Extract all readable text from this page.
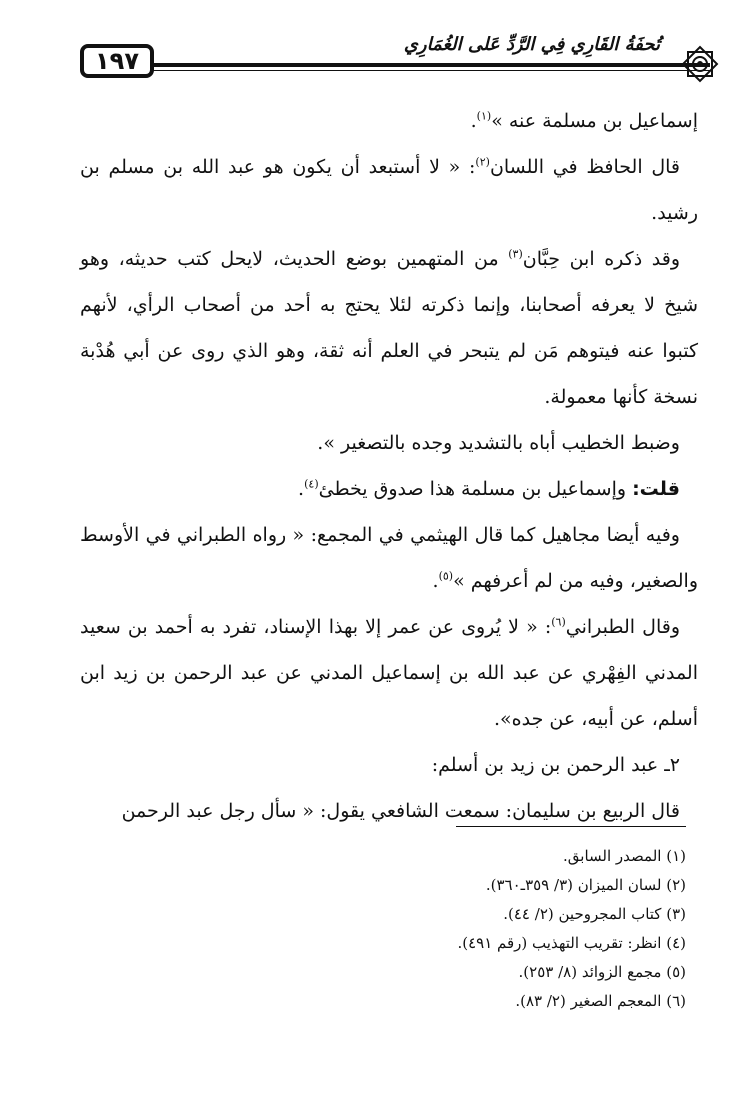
١٩٧
تُحفَةُ القَارِي فِي الرَّدِّ عَلى الغُمَارِي

إسماعيل بن مسلمة عنه »$^{(١)}$.

قال الحافظ في اللسان$^{(٢)}$: « لا أستبعد أن يكون هو عبد الله بن مسلم بن رشيد.

وقد ذكره ابن حِبَّان$^{(٣)}$ من المتهمين بوضع الحديث، لايحل كتب حديثه، وهو شيخ لا يعرفه أصحابنا، وإنما ذكرته لئلا يحتج به أحد من أصحاب الرأي، لأنهم كتبوا عنه فيتوهم مَن لم يتبحر في العلم أنه ثقة، وهو الذي روى عن أبي هُدْبة نسخة كأنها معمولة.

وضبط الخطيب أباه بالتشديد وجده بالتصغير ».

قلت: وإسماعيل بن مسلمة هذا صدوق يخطئ$^{(٤)}$.

وفيه أيضا مجاهيل كما قال الهيثمي في المجمع: « رواه الطبراني في الأوسط والصغير، وفيه من لم أعرفهم »$^{(٥)}$.

وقال الطبراني$^{(٦)}$: « لا يُروى عن عمر إلا بهذا الإسناد، تفرد به أحمد بن سعيد المدني الفِهْري عن عبد الله بن إسماعيل المدني عن عبد الرحمن بن زيد ابن أسلم، عن أبيه، عن جده».

٢ـ عبد الرحمن بن زيد بن أسلم:

قال الربيع بن سليمان: سمعت الشافعي يقول: « سأل رجل عبد الرحمن

(١) المصدر السابق.

(٢) لسان الميزان (٣/ ٣٥٩ـ٣٦٠).

(٣) كتاب المجروحين (٢/ ٤٤).

(٤) انظر: تقريب التهذيب (رقم ٤٩١).

(٥) مجمع الزوائد (٨/ ٢٥٣).

(٦) المعجم الصغير (٢/ ٨٣).
